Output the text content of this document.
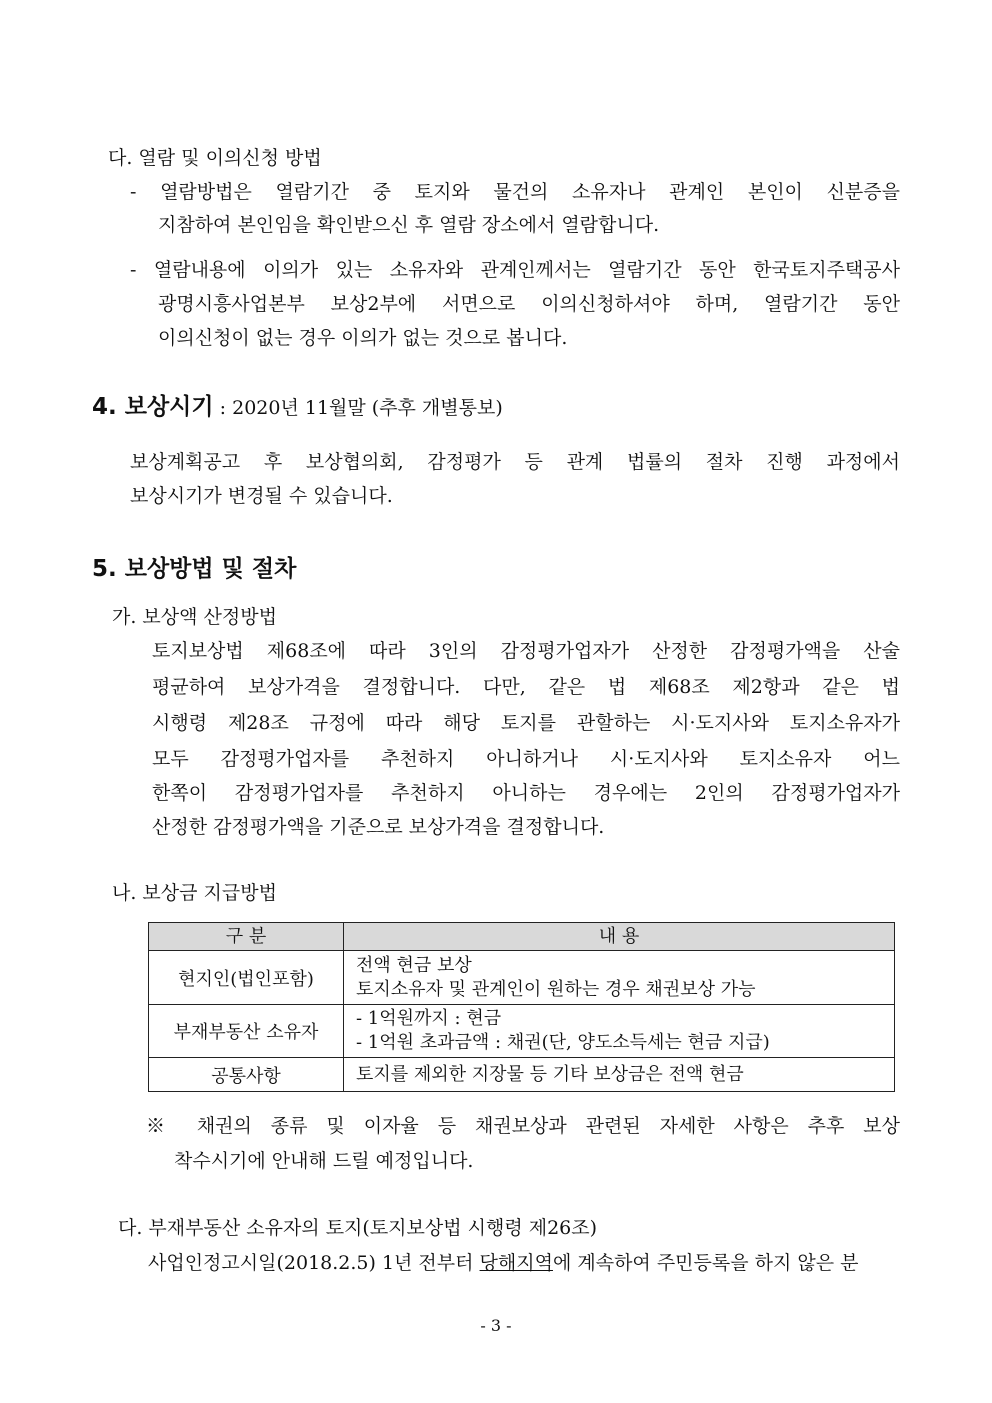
다. 열람 및 이의신청 방법
- 열람방법은 열람기간 중 토지와 물건의 소유자나 관계인 본인이 신분증을
지참하여 본인임을 확인받으신 후 열람 장소에서 열람합니다.
- 열람내용에 이의가 있는 소유자와 관계인께서는 열람기간 동안 한국토지주택공사
광명시흥사업본부 보상2부에 서면으로 이의신청하셔야 하며, 열람기간 동안
이의신청이 없는 경우 이의가 없는 것으로 봅니다.
4. 보상시기 : 2020년 11월말 (추후 개별통보)
보상계획공고 후 보상협의회, 감정평가 등 관계 법률의 절차 진행 과정에서
보상시기가 변경될 수 있습니다.
5. 보상방법 및 절차
가. 보상액 산정방법
토지보상법 제68조에 따라 3인의 감정평가업자가 산정한 감정평가액을 산술
평균하여 보상가격을 결정합니다. 다만, 같은 법 제68조 제2항과 같은 법
시행령 제28조 규정에 따라 해당 토지를 관할하는 시·도지사와 토지소유자가
모두 감정평가업자를 추천하지 아니하거나 시·도지사와 토지소유자 어느
한쪽이 감정평가업자를 추천하지 아니하는 경우에는 2인의 감정평가업자가
산정한 감정평가액을 기준으로 보상가격을 결정합니다.
나. 보상금 지급방법
구 분	내 용
현지인(법인포함)	전액 현금 보상
토지소유자 및 관계인이 원하는 경우 채권보상 가능

부재부동산 소유자	- 1억원까지 : 현금
- 1억원 초과금액 : 채권(단, 양도소득세는 현금 지급)

공통사항	토지를 제외한 지장물 등 기타 보상금은 전액 현금
※ 채권의 종류 및 이자율 등 채권보상과 관련된 자세한 사항은 추후 보상
착수시기에 안내해 드릴 예정입니다.
다. 부재부동산 소유자의 토지(토지보상법 시행령 제26조)
사업인정고시일(2018.2.5) 1년 전부터 당해지역에 계속하여 주민등록을 하지 않은 분
- 3 -
